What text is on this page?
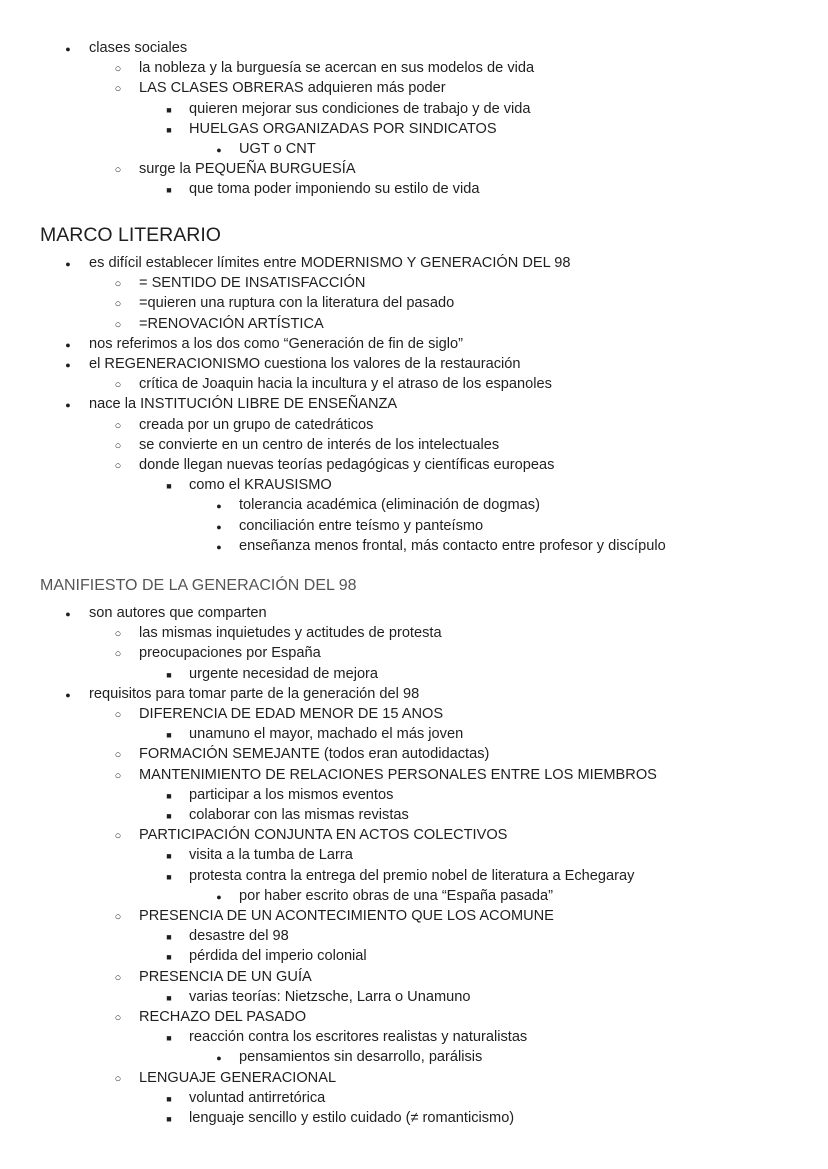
●
clases sociales
○
la nobleza y la burguesía se acercan en sus modelos de vida
○
LAS CLASES OBRERAS adquieren más poder
■
quieren mejorar sus condiciones de trabajo y de vida
■
HUELGAS ORGANIZADAS POR SINDICATOS
●
UGT o CNT
○
surge la PEQUEÑA BURGUESÍA
■
que toma poder imponiendo su estilo de vida
MARCO LITERARIO
●
es difícil establecer límites entre MODERNISMO Y GENERACIÓN DEL 98
○
= SENTIDO DE INSATISFACCIÓN
○
=quieren una ruptura con la literatura del pasado
○
=RENOVACIÓN ARTÍSTICA
●
nos referimos a los dos como “Generación de fin de siglo”
●
el REGENERACIONISMO cuestiona los valores de la restauración
○
crítica de Joaquin hacia la incultura y el atraso de los espanoles
●
nace la INSTITUCIÓN LIBRE DE ENSEÑANZA
○
creada por un grupo de catedráticos
○
se convierte en un centro de interés de los intelectuales
○
donde llegan nuevas teorías pedagógicas y científicas europeas
■
como el KRAUSISMO
●
tolerancia académica (eliminación de dogmas)
●
conciliación entre teísmo y panteísmo
●
enseñanza menos frontal, más contacto entre profesor y discípulo
MANIFIESTO DE LA GENERACIÓN DEL 98
●
son autores que comparten
○
las mismas inquietudes y actitudes de protesta
○
preocupaciones por España
■
urgente necesidad de mejora
●
requisitos para tomar parte de la generación del 98
○
DIFERENCIA DE EDAD MENOR DE 15 ANOS
■
unamuno el mayor, machado el más joven
○
FORMACIÓN SEMEJANTE (todos eran autodidactas)
○
MANTENIMIENTO DE RELACIONES PERSONALES ENTRE LOS MIEMBROS
■
participar a los mismos eventos
■
colaborar con las mismas revistas
○
PARTICIPACIÓN CONJUNTA EN ACTOS COLECTIVOS
■
visita a la tumba de Larra
■
protesta contra la entrega del premio nobel de literatura a Echegaray
●
por haber escrito obras de una “España pasada”
○
PRESENCIA DE UN ACONTECIMIENTO QUE LOS ACOMUNE
■
desastre del 98
■
pérdida del imperio colonial
○
PRESENCIA DE UN GUÍA
■
varias teorías: Nietzsche, Larra o Unamuno
○
RECHAZO DEL PASADO
■
reacción contra los escritores realistas y naturalistas
●
pensamientos sin desarrollo, parálisis
○
LENGUAJE GENERACIONAL
■
voluntad antirretórica
■
lenguaje sencillo y estilo cuidado (≠ romanticismo)
